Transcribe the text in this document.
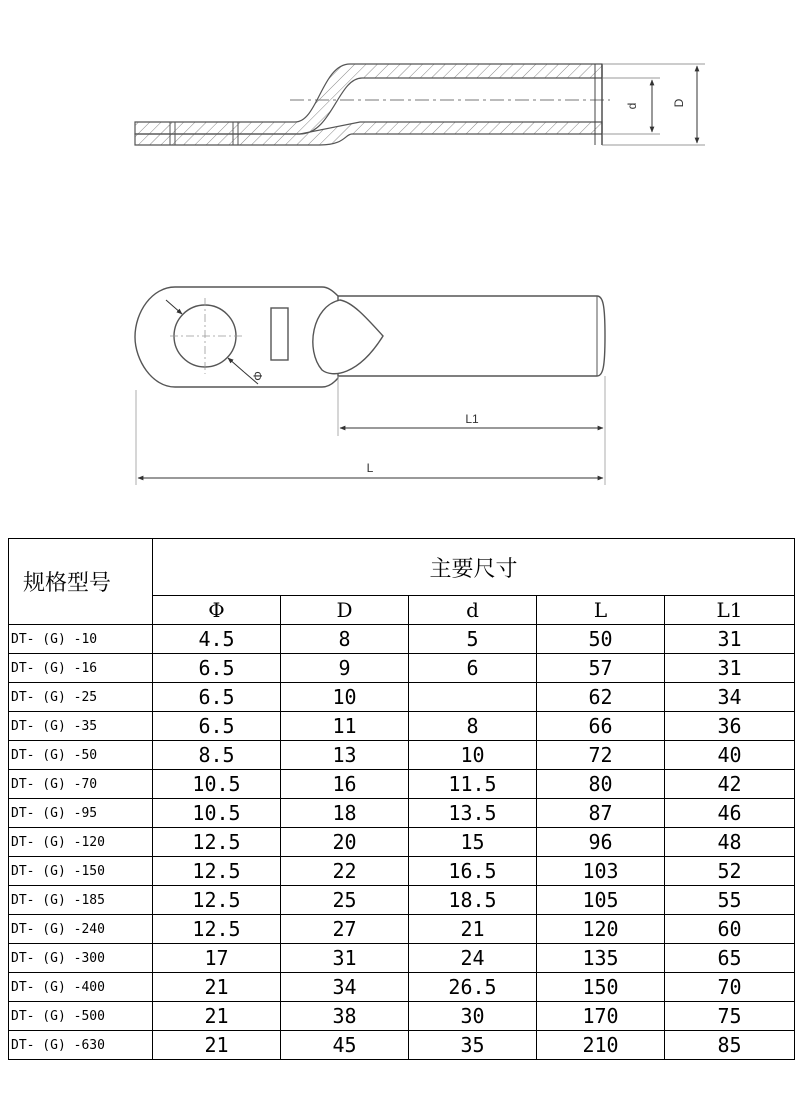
d	D
Φ
L1
L
规格型号	主要尺寸				
	Φ	D	d	L	L1
DT- (G) -10	4.5	8	5	50	31
DT- (G) -16	6.5	9	6	57	31
DT- (G) -25	6.5	10		62	34
DT- (G) -35	6.5	11	8	66	36
DT- (G) -50	8.5	13	10	72	40
DT- (G) -70	10.5	16	11.5	80	42
DT- (G) -95	10.5	18	13.5	87	46
DT- (G) -120	12.5	20	15	96	48
DT- (G) -150	12.5	22	16.5	103	52
DT- (G) -185	12.5	25	18.5	105	55
DT- (G) -240	12.5	27	21	120	60
DT- (G) -300	17	31	24	135	65
DT- (G) -400	21	34	26.5	150	70
DT- (G) -500	21	38	30	170	75
DT- (G) -630	21	45	35	210	85
